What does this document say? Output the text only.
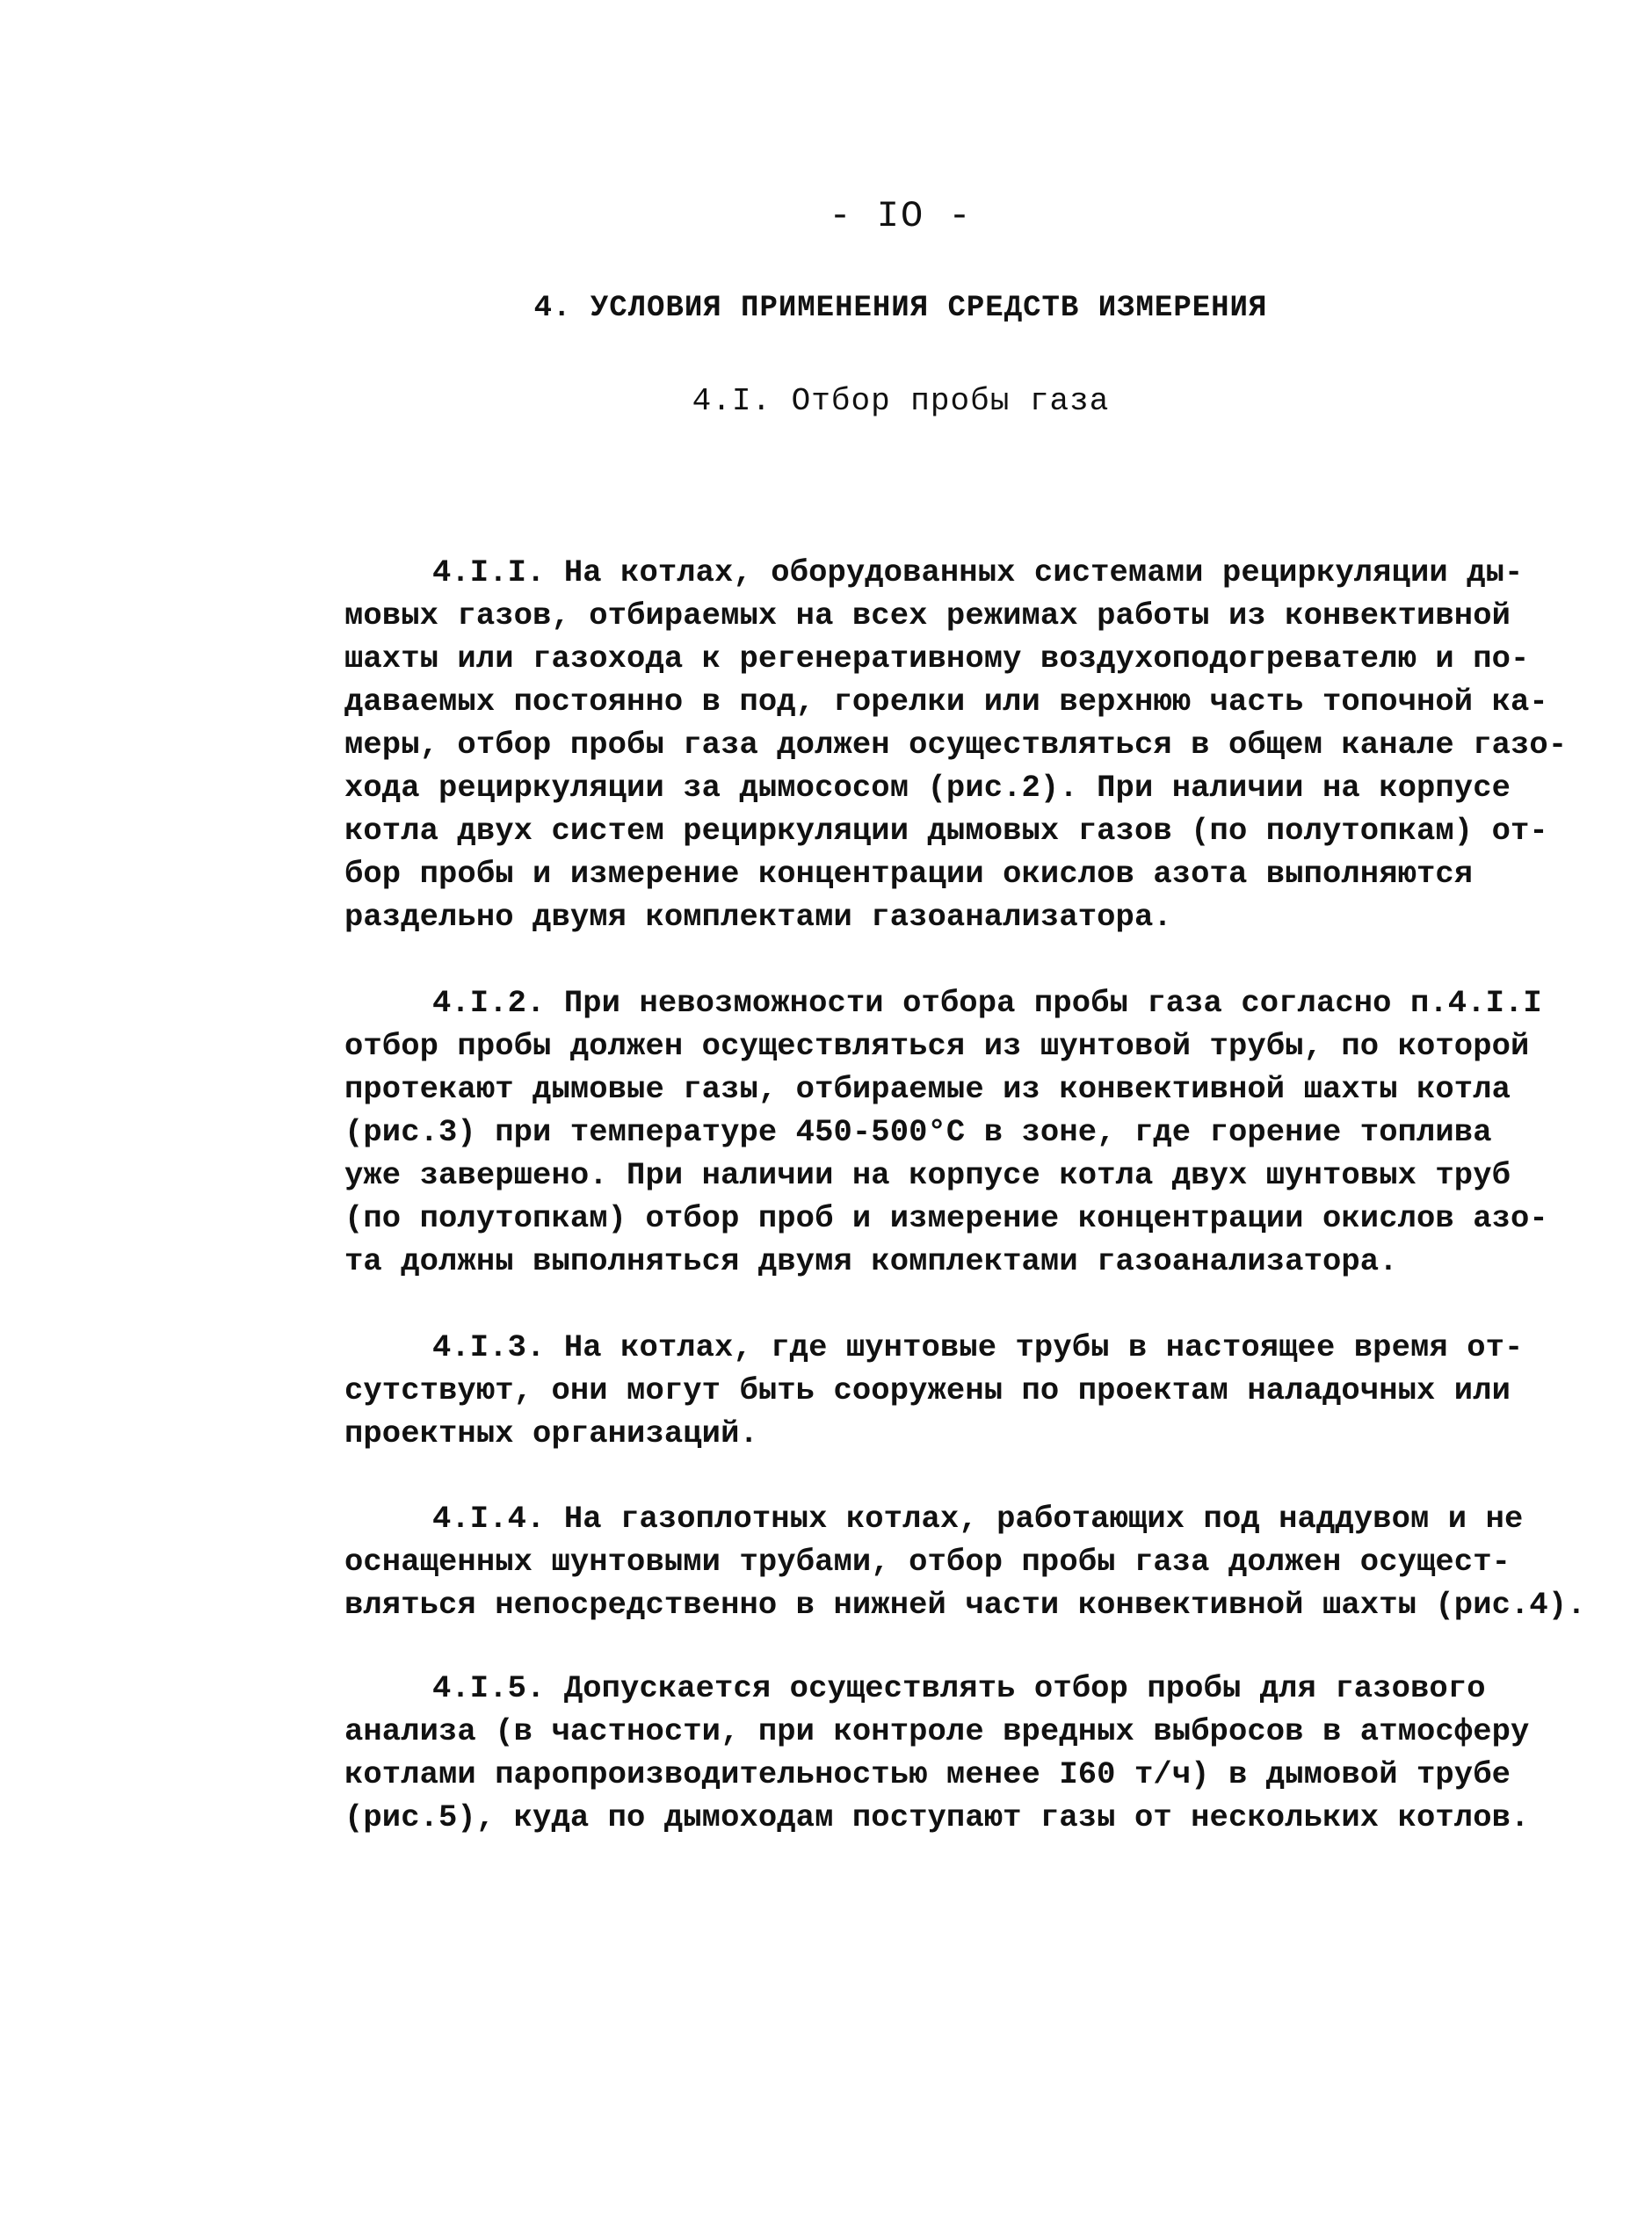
- IO -
4. УСЛОВИЯ ПРИМЕНЕНИЯ СРЕДСТВ ИЗМЕРЕНИЯ
4.I. Отбор пробы газа
4.I.I. На котлах, оборудованных системами рециркуляции ды-
мовых газов, отбираемых на всех режимах работы из конвективной
шахты или газохода к регенеративному воздухоподогревателю и по-
даваемых постоянно в под, горелки или верхнюю часть топочной ка-
меры, отбор пробы газа должен осуществляться в общем канале газо-
хода рециркуляции за дымососом (рис.2). При наличии на корпусе
котла двух систем рециркуляции дымовых газов (по полутопкам) от-
бор пробы и измерение концентрации окислов азота выполняются
раздельно двумя комплектами газоанализатора.
4.I.2. При невозможности отбора пробы газа согласно п.4.I.I
отбор пробы должен осуществляться из шунтовой трубы, по которой
протекают дымовые газы, отбираемые из конвективной шахты котла
(рис.3) при температуре 450-500°С в зоне, где горение топлива
уже завершено. При наличии на корпусе котла двух шунтовых труб
(по полутопкам) отбор проб и измерение концентрации окислов азо-
та должны выполняться двумя комплектами газоанализатора.
4.I.3. На котлах, где шунтовые трубы в настоящее время от-
сутствуют, они могут быть сооружены по проектам наладочных или
проектных организаций.
4.I.4. На газоплотных котлах, работающих под наддувом и не
оснащенных шунтовыми трубами, отбор пробы газа должен осущест-
вляться непосредственно в нижней части конвективной шахты (рис.4).
4.I.5. Допускается осуществлять отбор пробы для газового
анализа (в частности, при контроле вредных выбросов в атмосферу
котлами паропроизводительностью менее I60 т/ч) в дымовой трубе
(рис.5), куда по дымоходам поступают газы от нескольких котлов.
